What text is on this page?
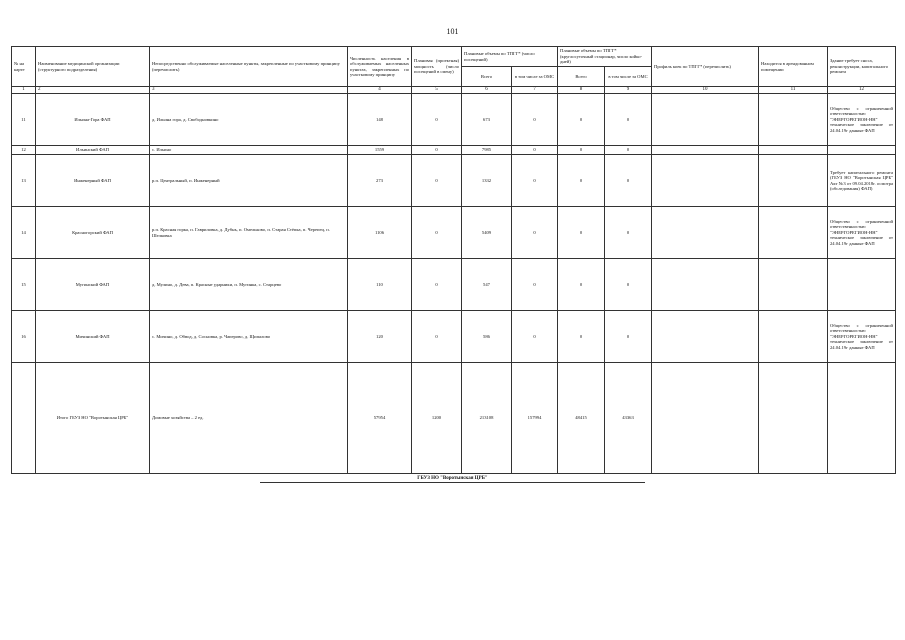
101
№ на карте	Наименование медицинской организации (структурного подразделения)	Непосредственно обслуживаемые населенные пункты, закрепленные по участковому принципу (перечислить)	Численность населения в обслуживаемых населенных пунктах, закрепленных по участковому принципу	Плановая (проектная) мощность (число посещений в смену)	Плановые объемы по ТПГГ* (число посещений)		Плановые объемы по ТПГГ* (круглосуточный стационар, число койко-дней)		Профиль коек по ТПГГ* (перечислить)	Находится в арендованном помещении	Здание требует сноса, реконструкции, капитального ремонта
					Всего	в том числе за ОМС	Всего	в том числе за ОМС			
1	2	3	4	5	6	7	8	9	10	11	12
11	Ильина-Гора ФАП	д. Ильина гора, д. Свободновкино	148	0	673	0	0	0			Общество с ограниченной ответственностью "ЭНЕРГОРЕГИОН-НН" техническое заключение от 24.04.19г данные ФАП
12	Ильинский ФАП	с. Ильино	1559	0	7985	0	0	0			
13	Инженерный ФАП	р.п. Центральный, п. Инженерный	273	0	1332	0	0	0			Требует капитального ремонта (ГБУЗ НО "Воротынская ЦРБ" Акт №3 от 09.04.2018г. осмотра (обследования) ФАП)
14	Красногорский ФАП	р.п. Красная горка, п. Гавриловка, д. Дубнь, п. Омельково, п. Старая Стёпка, п. Черепец, п. Шелковка	1106	0	5409	0	0	0			Общество с ограниченной ответственностью "ЭНЕРГОРЕГИОН-НН" техническое заключение от 24.04.19г данные ФАП
15	Мугинский ФАП	д. Мулино, д. Дева, п. Красные ударники, п. Мугинка, с. Старцево	110	0	547	0	0	0			
16	Мичинский ФАП	с. Мичино, д. Обвод, д. Сосновка, р. Чаперово, д. Щипалово	120	0	586	0	0	0			Общество с ограниченной ответственностью "ЭНЕРГОРЕГИОН-НН" техническое заключение от 24.04.19г данные ФАП
	Итого ГБУЗ НО "Воротынская ЦРБ"	Домовые хозяйства – 2 ед.	57954	1200	213108	157994	48415	43363			
ГБУЗ НО "Воротынская ЦРБ"
